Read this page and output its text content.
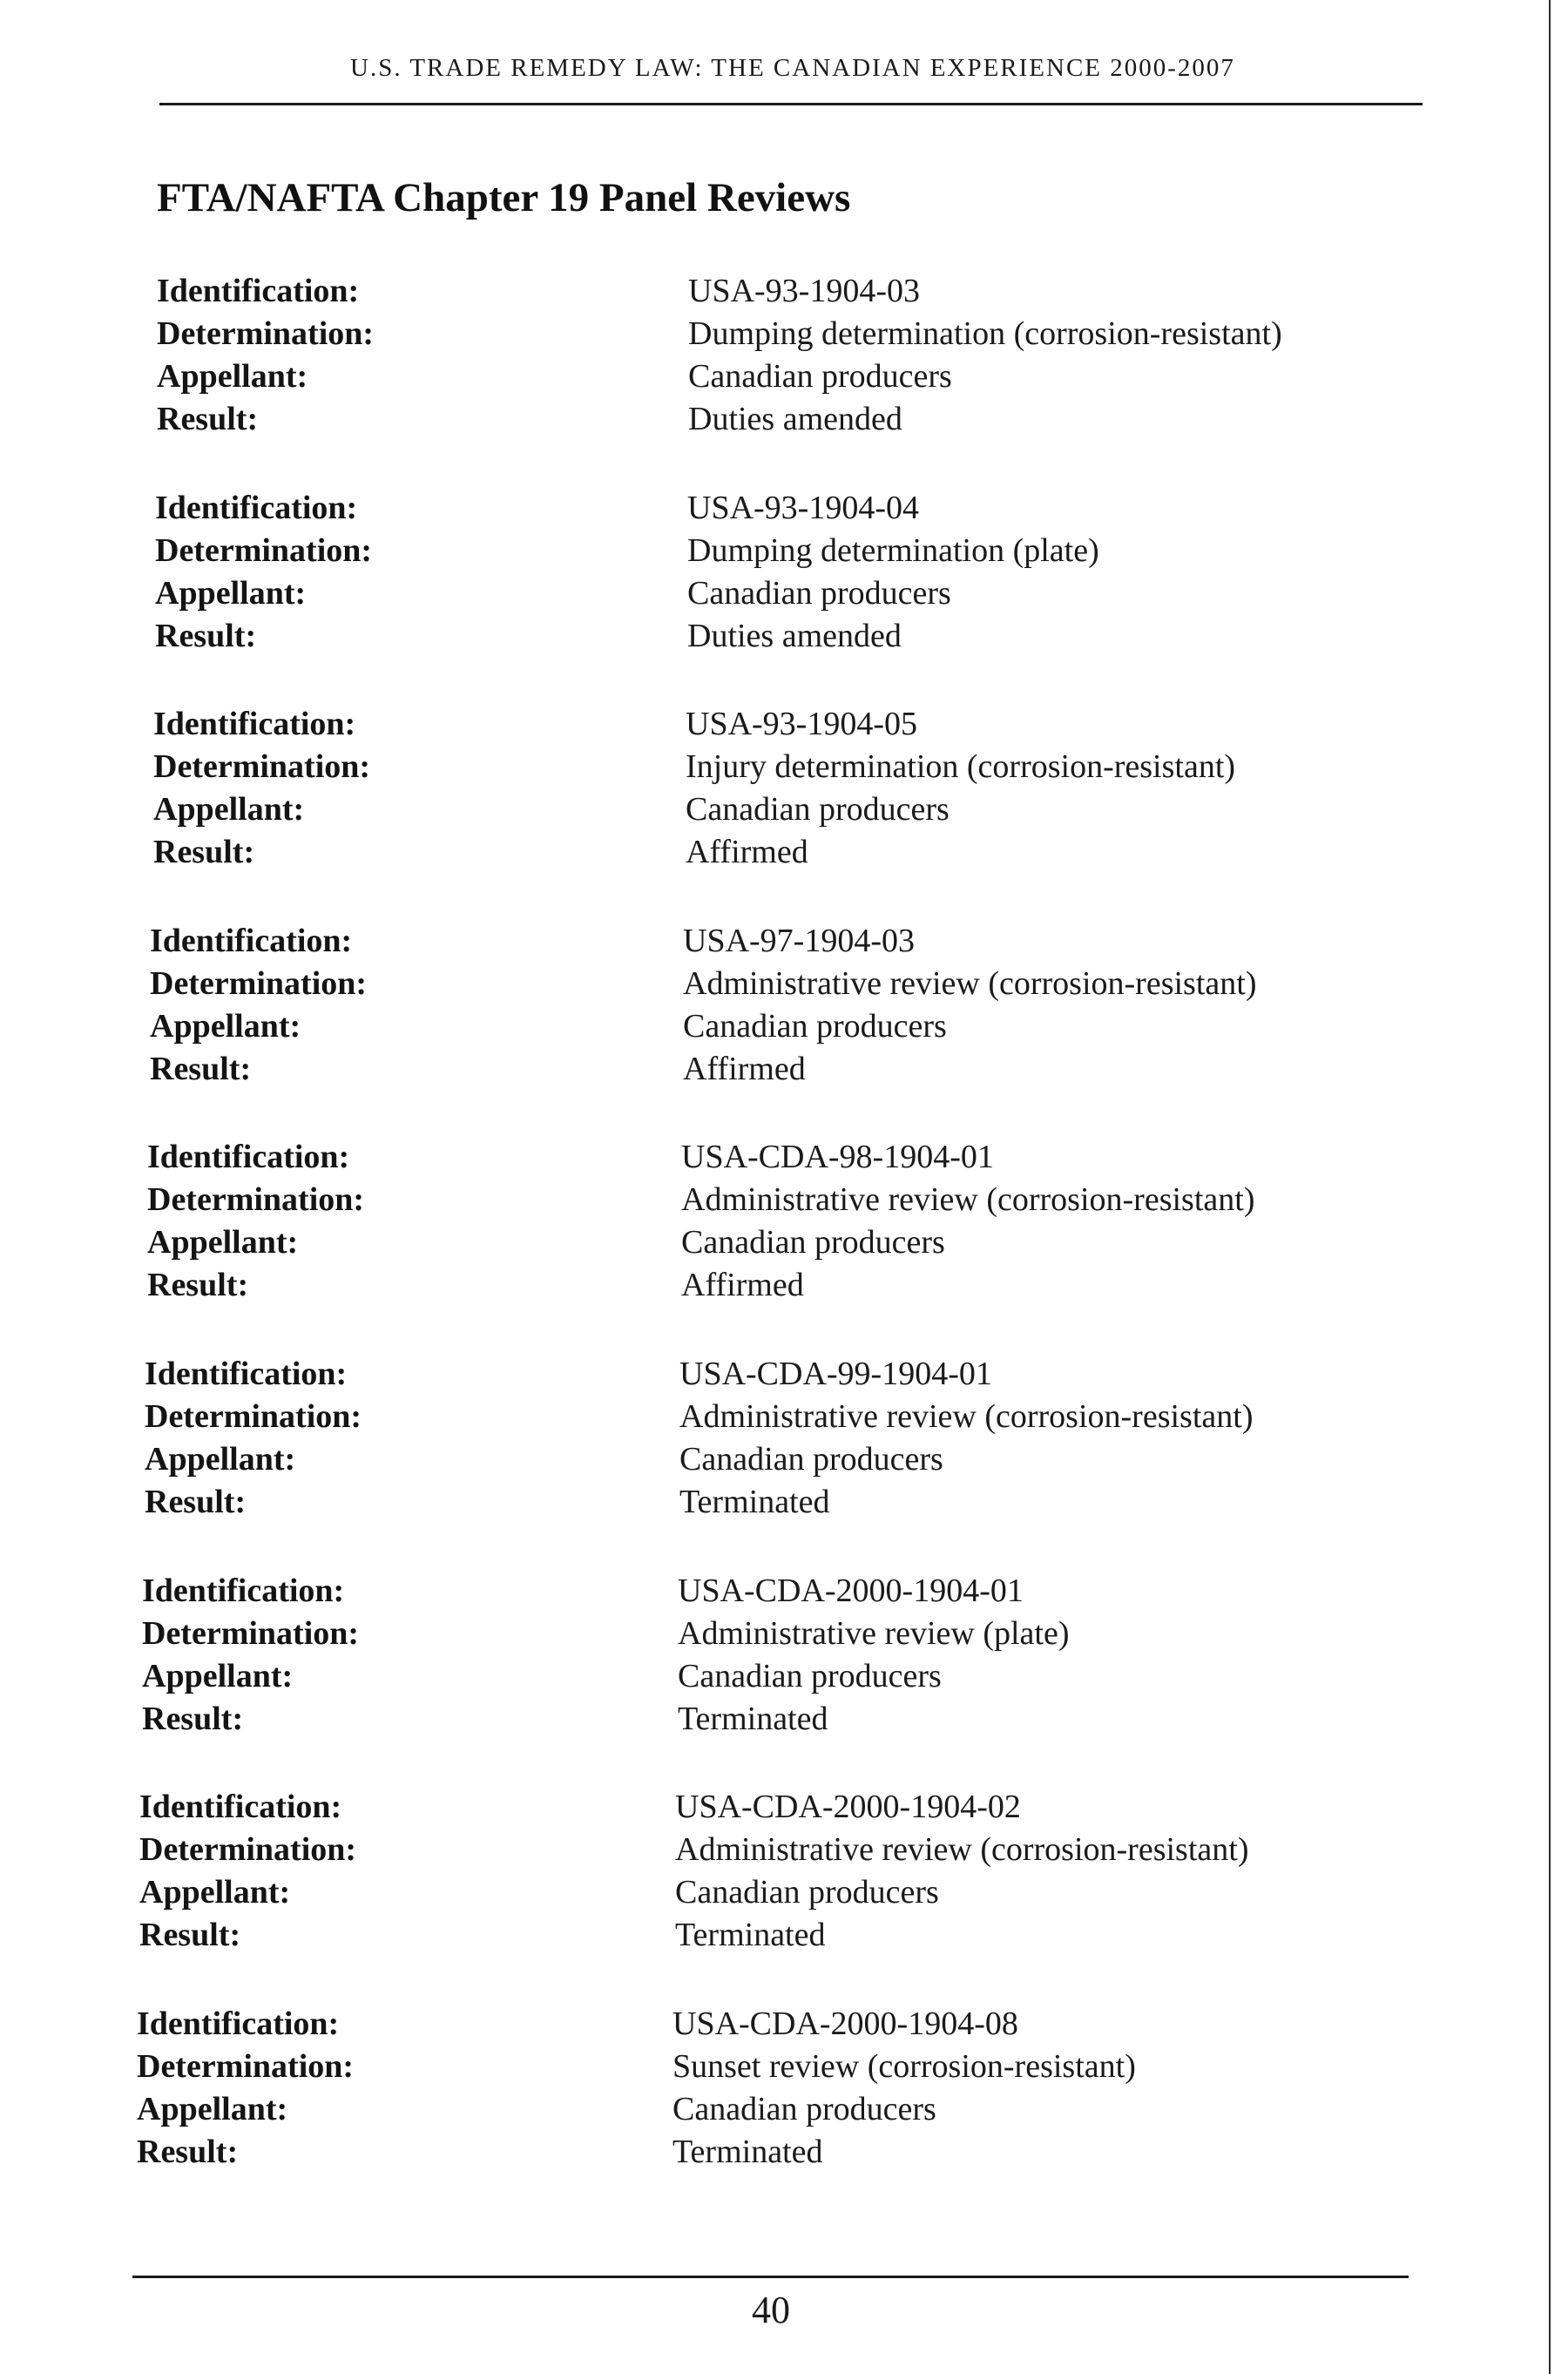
U.S. TRADE REMEDY LAW: THE CANADIAN EXPERIENCE 2000-2007
FTA/NAFTA Chapter 19 Panel Reviews
Identification:	USA-93-1904-03
Determination:	Dumping determination (corrosion-resistant)
Appellant:	Canadian producers
Result:	Duties amended
Identification:	USA-93-1904-04
Determination:	Dumping determination (plate)
Appellant:	Canadian producers
Result:	Duties amended
Identification:	USA-93-1904-05
Determination:	Injury determination (corrosion-resistant)
Appellant:	Canadian producers
Result:	Affirmed
Identification:	USA-97-1904-03
Determination:	Administrative review (corrosion-resistant)
Appellant:	Canadian producers
Result:	Affirmed
Identification:	USA-CDA-98-1904-01
Determination:	Administrative review (corrosion-resistant)
Appellant:	Canadian producers
Result:	Affirmed
Identification:	USA-CDA-99-1904-01
Determination:	Administrative review (corrosion-resistant)
Appellant:	Canadian producers
Result:	Terminated
Identification:	USA-CDA-2000-1904-01
Determination:	Administrative review (plate)
Appellant:	Canadian producers
Result:	Terminated
Identification:	USA-CDA-2000-1904-02
Determination:	Administrative review (corrosion-resistant)
Appellant:	Canadian producers
Result:	Terminated
Identification:	USA-CDA-2000-1904-08
Determination:	Sunset review (corrosion-resistant)
Appellant:	Canadian producers
Result:	Terminated
40
